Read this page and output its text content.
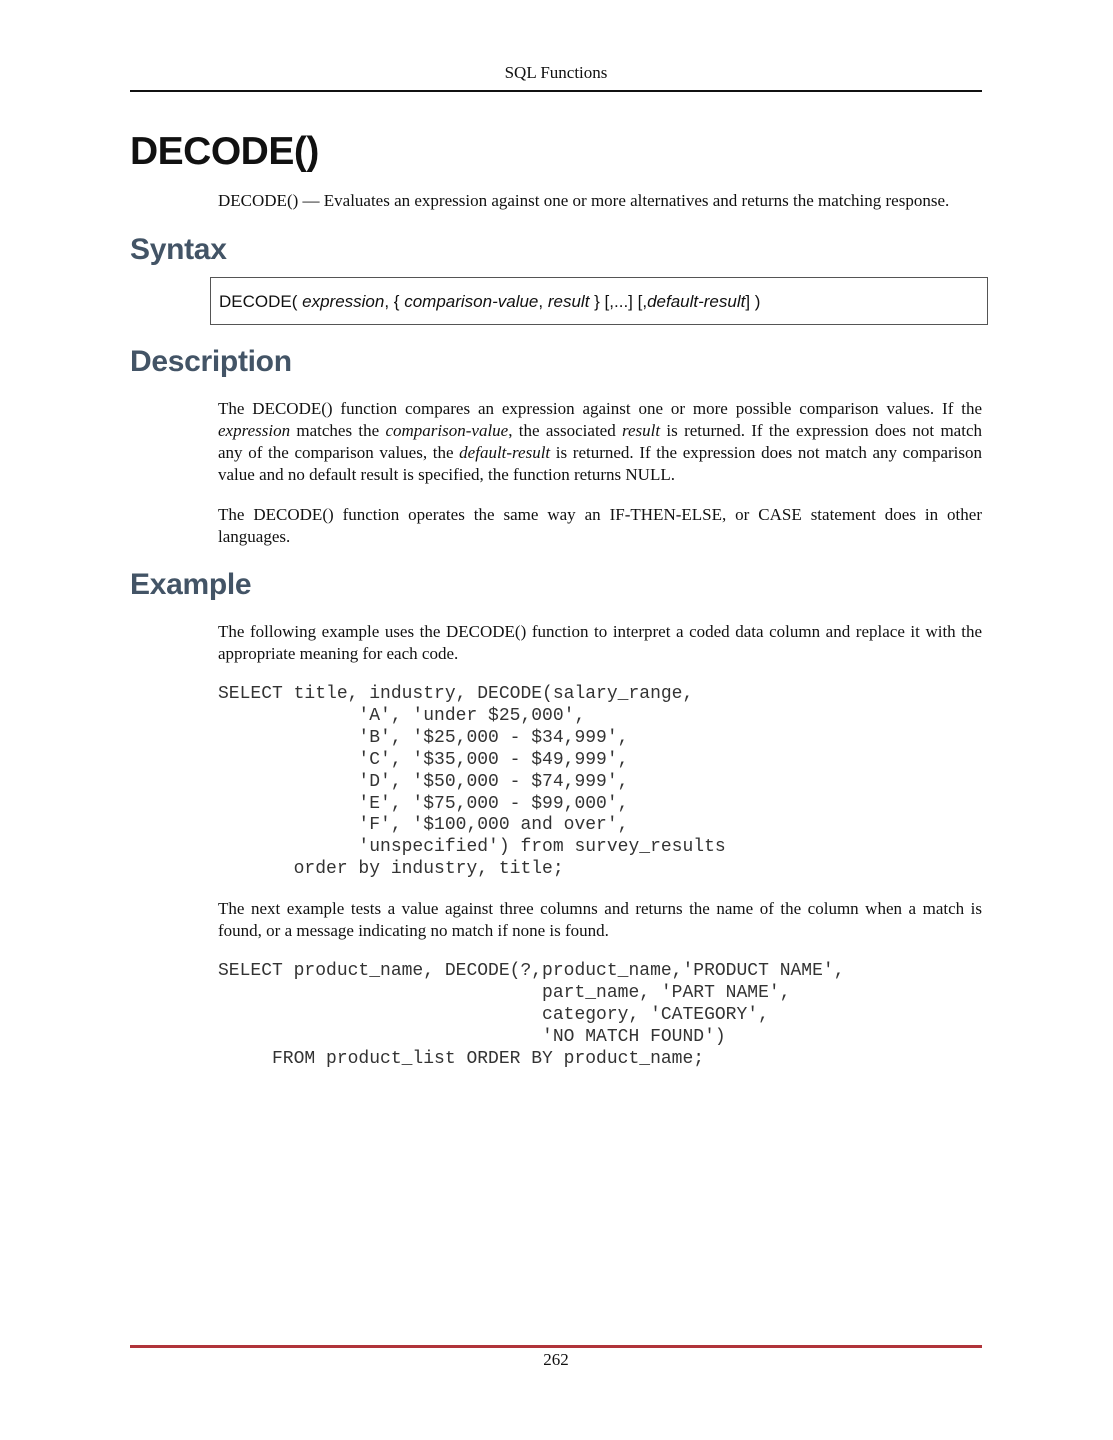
SQL Functions
DECODE()

DECODE() — Evaluates an expression against one or more alternatives and returns the matching response.

Syntax
DECODE( expression, { comparison-value, result } [,...] [,default-result] )
Description

The DECODE() function compares an expression against one or more possible comparison values. If the expression matches the comparison-value, the associated result is returned. If the expression does not match any of the comparison values, the default-result is returned. If the expression does not match any comparison value and no default result is specified, the function returns NULL.

The DECODE() function operates the same way an IF-THEN-ELSE, or CASE statement does in other languages.

Example

The following example uses the DECODE() function to interpret a coded data column and replace it with the appropriate meaning for each code.

SELECT title, industry, DECODE(salary_range,
'A', 'under $25,000',
'B', '$25,000 - $34,999',
'C', '$35,000 - $49,999',
'D', '$50,000 - $74,999',
'E', '$75,000 - $99,000',
'F', '$100,000 and over',
'unspecified') from survey_results
order by industry, title;

The next example tests a value against three columns and returns the name of the column when a match is found, or a message indicating no match if none is found.

SELECT product_name, DECODE(?,product_name,'PRODUCT NAME',
part_name, 'PART NAME',
category, 'CATEGORY',
'NO MATCH FOUND')
FROM product_list ORDER BY product_name;
262
